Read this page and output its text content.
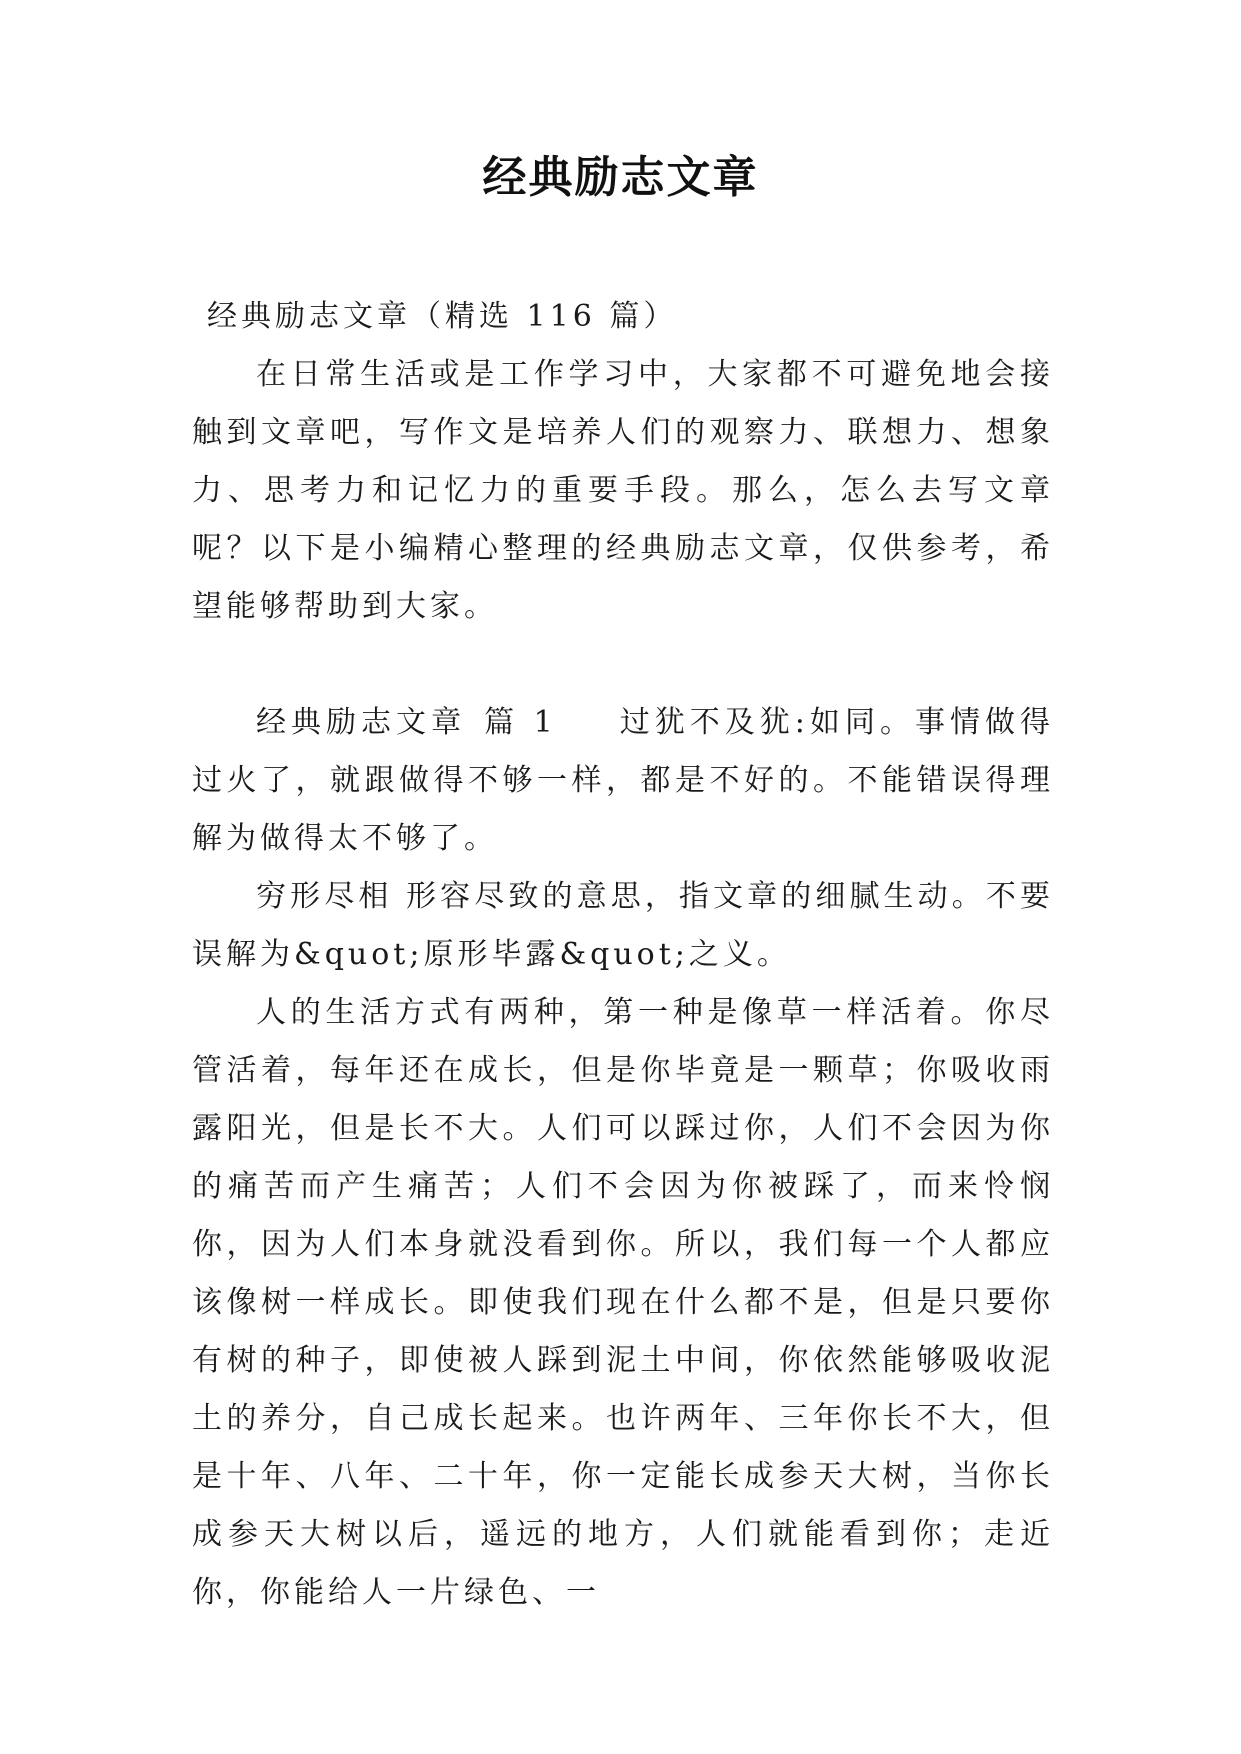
经典励志文章

经典励志文章（精选 116 篇）

在日常生活或是工作学习中，大家都不可避免地会接触到文章吧，写作文是培养人们的观察力、联想力、想象力、思考力和记忆力的重要手段。那么，怎么去写文章呢？以下是小编精心整理的经典励志文章，仅供参考，希望能够帮助到大家。

经典励志文章 篇 1 过犹不及犹:如同。事情做得过火了，就跟做得不够一样，都是不好的。不能错误得理解为做得太不够了。

穷形尽相 形容尽致的意思，指文章的细腻生动。不要误解为&quot;原形毕露&quot;之义。

人的生活方式有两种，第一种是像草一样活着。你尽管活着，每年还在成长，但是你毕竟是一颗草；你吸收雨露阳光，但是长不大。人们可以踩过你，人们不会因为你的痛苦而产生痛苦；人们不会因为你被踩了，而来怜悯你，因为人们本身就没看到你。所以，我们每一个人都应该像树一样成长。即使我们现在什么都不是，但是只要你有树的种子，即使被人踩到泥土中间，你依然能够吸收泥土的养分，自己成长起来。也许两年、三年你长不大，但是十年、八年、二十年，你一定能长成参天大树，当你长成参天大树以后，遥远的地方，人们就能看到你；走近你，你能给人一片绿色、一
